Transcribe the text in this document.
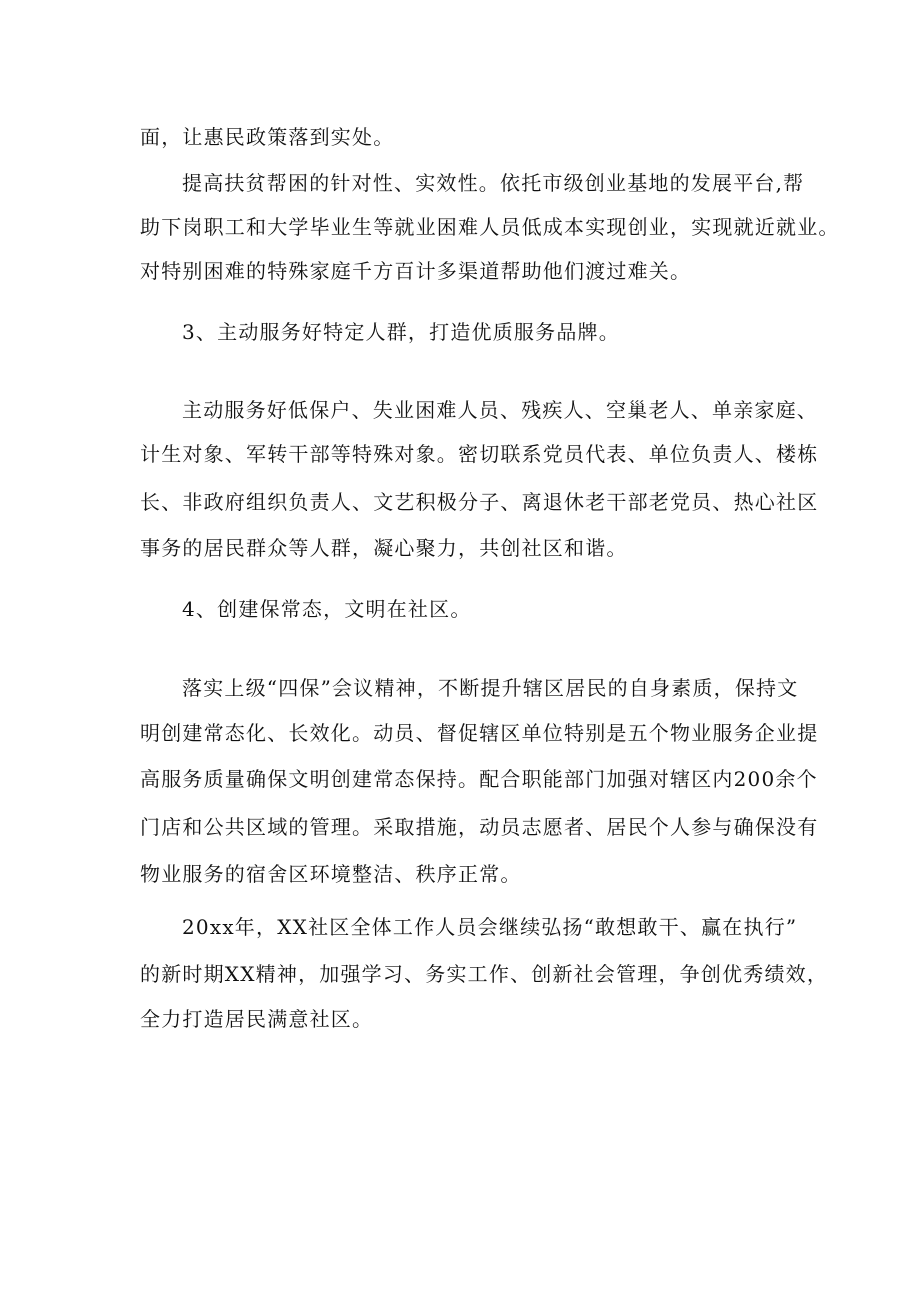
面，让惠民政策落到实处。
提高扶贫帮困的针对性、实效性。依托市级创业基地的发展平台,帮
助下岗职工和大学毕业生等就业困难人员低成本实现创业，实现就近就业。
对特别困难的特殊家庭千方百计多渠道帮助他们渡过难关。
3、主动服务好特定人群，打造优质服务品牌。
主动服务好低保户、失业困难人员、残疾人、空巢老人、单亲家庭、
计生对象、军转干部等特殊对象。密切联系党员代表、单位负责人、楼栋
长、非政府组织负责人、文艺积极分子、离退休老干部老党员、热心社区
事务的居民群众等人群，凝心聚力，共创社区和谐。
4、创建保常态，文明在社区。
落实上级“四保”会议精神，不断提升辖区居民的自身素质，保持文
明创建常态化、长效化。动员、督促辖区单位特别是五个物业服务企业提
高服务质量确保文明创建常态保持。配合职能部门加强对辖区内200余个
门店和公共区域的管理。采取措施，动员志愿者、居民个人参与确保没有
物业服务的宿舍区环境整洁、秩序正常。
20xx年，XX社区全体工作人员会继续弘扬“敢想敢干、赢在执行”
的新时期XX精神，加强学习、务实工作、创新社会管理，争创优秀绩效，
全力打造居民满意社区。
